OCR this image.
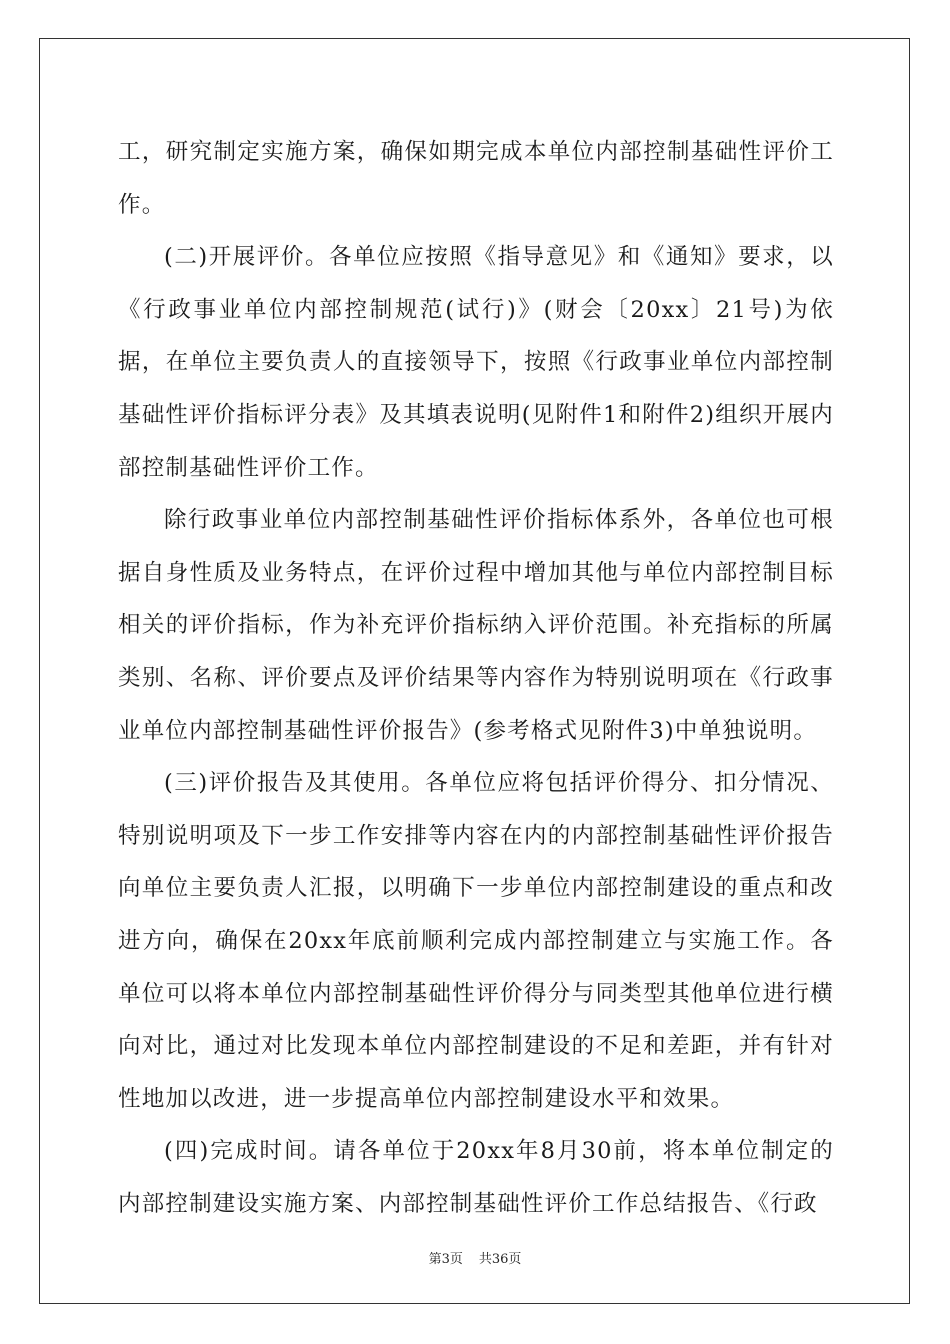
工，研究制定实施方案，确保如期完成本单位内部控制基础性评价工作。

(二)开展评价。各单位应按照《指导意见》和《通知》要求，以《行政事业单位内部控制规范(试行)》(财会〔20xx〕21号)为依据，在单位主要负责人的直接领导下，按照《行政事业单位内部控制基础性评价指标评分表》及其填表说明(见附件1和附件2)组织开展内部控制基础性评价工作。

除行政事业单位内部控制基础性评价指标体系外，各单位也可根据自身性质及业务特点，在评价过程中增加其他与单位内部控制目标相关的评价指标，作为补充评价指标纳入评价范围。补充指标的所属类别、名称、评价要点及评价结果等内容作为特别说明项在《行政事业单位内部控制基础性评价报告》(参考格式见附件3)中单独说明。

(三)评价报告及其使用。各单位应将包括评价得分、扣分情况、特别说明项及下一步工作安排等内容在内的内部控制基础性评价报告向单位主要负责人汇报，以明确下一步单位内部控制建设的重点和改进方向，确保在20xx年底前顺利完成内部控制建立与实施工作。各单位可以将本单位内部控制基础性评价得分与同类型其他单位进行横向对比，通过对比发现本单位内部控制建设的不足和差距，并有针对性地加以改进，进一步提高单位内部控制建设水平和效果。

(四)完成时间。请各单位于20xx年8月30前，将本单位制定的内部控制建设实施方案、内部控制基础性评价工作总结报告、《行政

第3页 共36页
